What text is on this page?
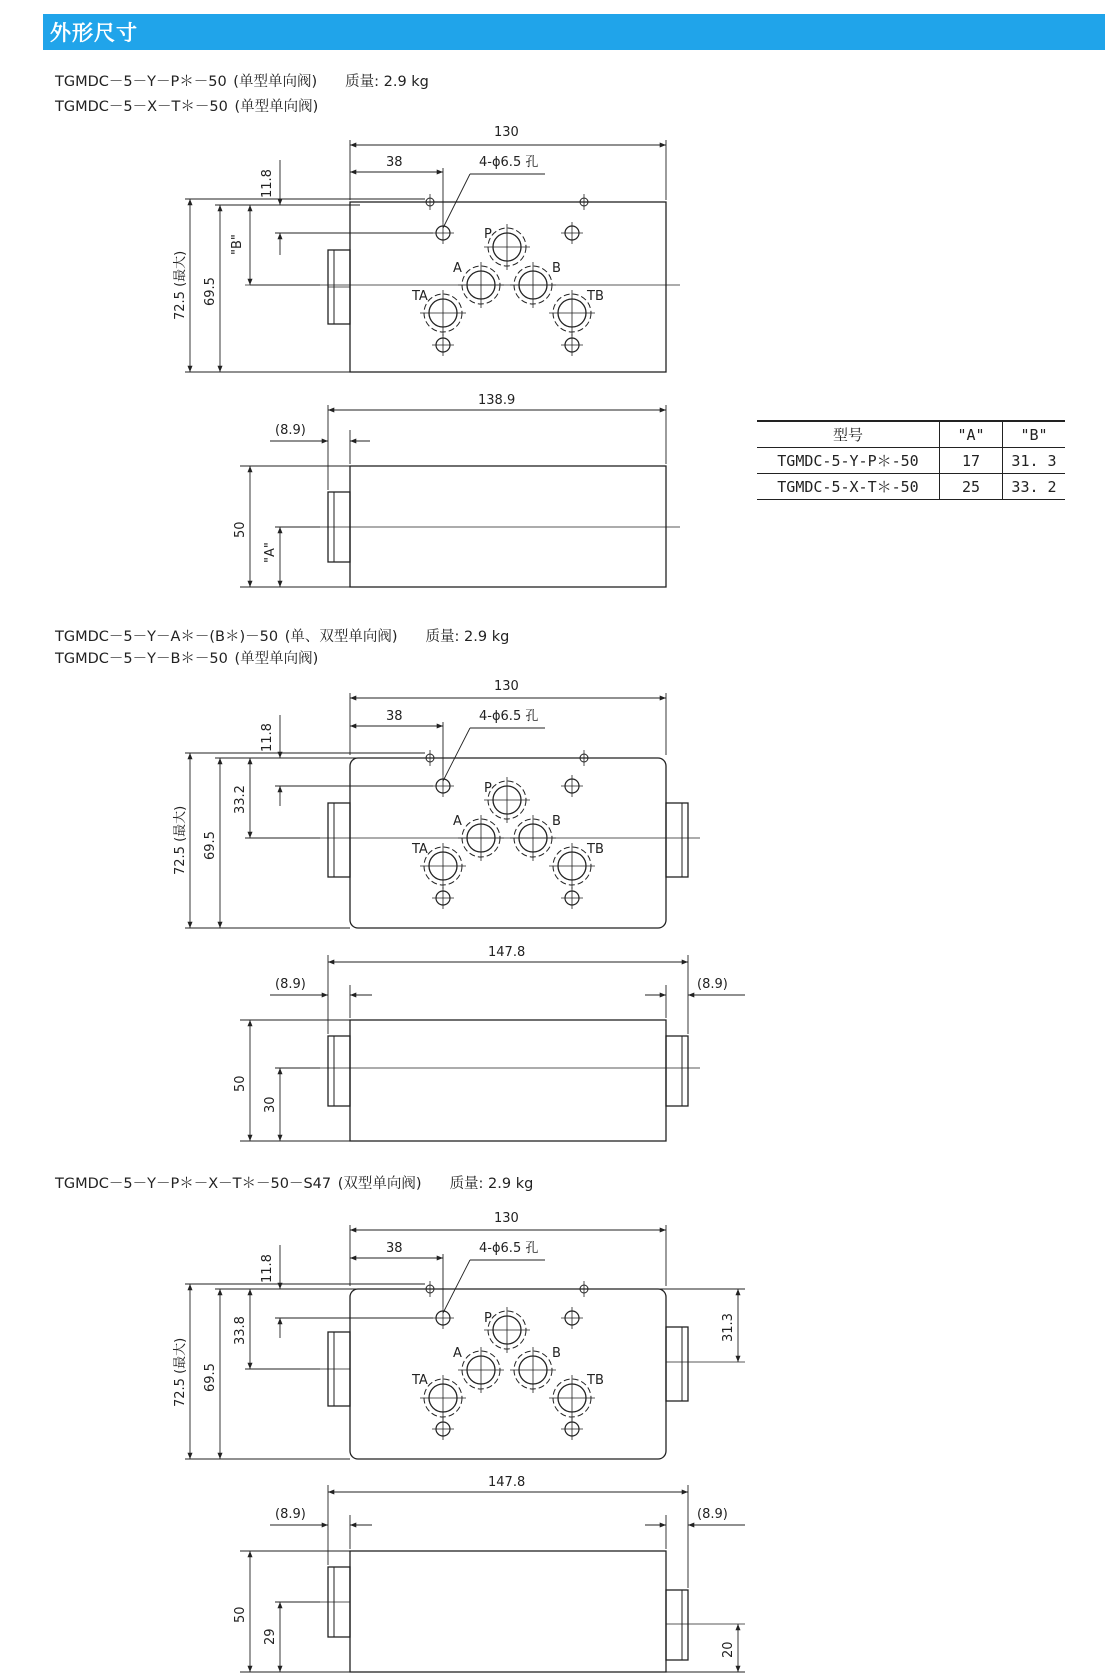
外形尺寸
TGMDC－5－Y－P＊－50 (单型单向阀) 质量: 2.9 kg
TGMDC－5－X－T＊－50 (单型单向阀)
TGMDC－5－Y－A＊－(B＊)－50 (单、双型单向阀) 质量: 2.9 kg
TGMDC－5－Y－B＊－50 (单型单向阀)
TGMDC－5－Y－P＊－X－T＊－50－S47 (双型单向阀) 质量: 2.9 kg
型号	"A"	"B"
TGMDC-5-Y-P＊-50	17	31. 3
TGMDC-5-X-T＊-50	25	33. 2
130
38	4-ϕ6.5 孔
11.8
"B"
69.5
72.5 (最大)
P
A	B
TA	TB
138.9
(8.9)
50
"A"
130
38	4-ϕ6.5 孔
11.8
33.2
69.5
72.5 (最大)
P
A	B
TA	TB
147.8
(8.9)	(8.9)
50
30
130
38	4-ϕ6.5 孔
11.8
33.8	31.3
69.5
72.5 (最大)
P
A	B
TA	TB
147.8
(8.9)	(8.9)
50
29
20
